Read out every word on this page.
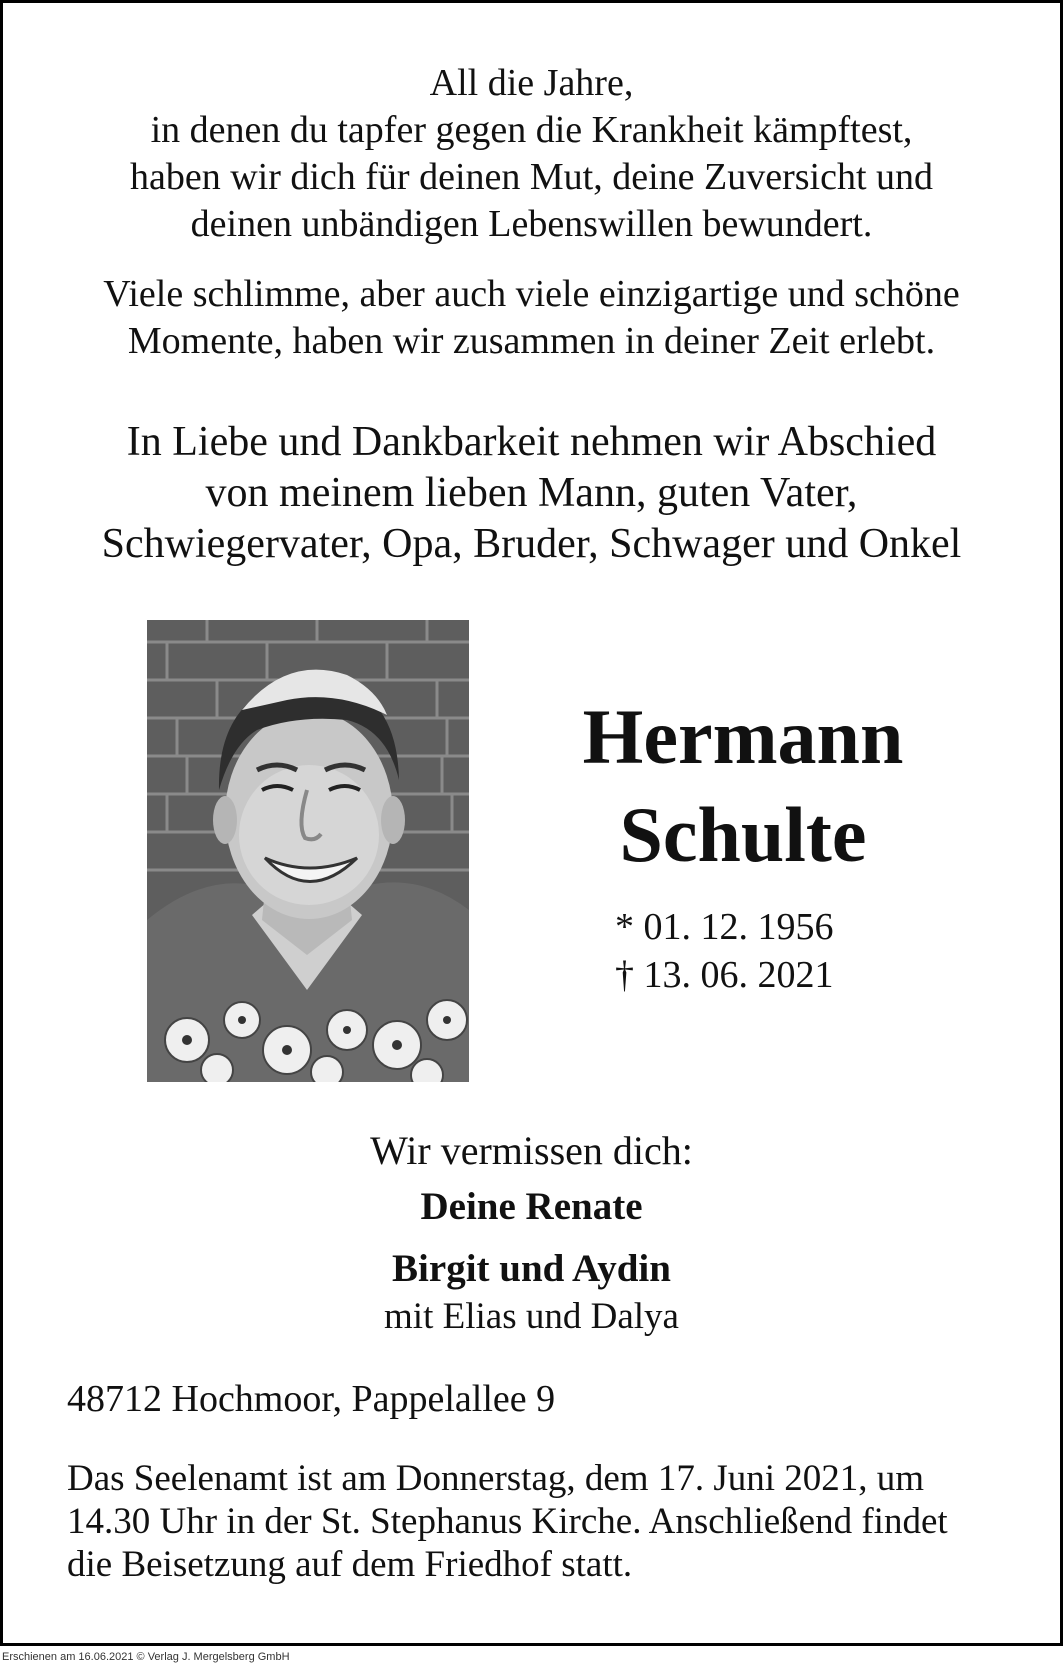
All die Jahre,
in denen du tapfer gegen die Krankheit kämpftest,
haben wir dich für deinen Mut, deine Zuversicht und
deinen unbändigen Lebenswillen bewundert.
Viele schlimme, aber auch viele einzigartige und schöne
Momente, haben wir zusammen in deiner Zeit erlebt.
In Liebe und Dankbarkeit nehmen wir Abschied
von meinem lieben Mann, guten Vater,
Schwiegervater, Opa, Bruder, Schwager und Onkel
Hermann
Schulte
* 01. 12. 1956
† 13. 06. 2021
Wir vermissen dich:
Deine Renate
Birgit und Aydin
mit Elias und Dalya
48712 Hochmoor, Pappelallee 9
Das Seelenamt ist am Donnerstag, dem 17. Juni 2021, um
14.30 Uhr in der St. Stephanus Kirche. Anschließend findet
die Beisetzung auf dem Friedhof statt.
Erschienen am 16.06.2021 © Verlag J. Mergelsberg GmbH
